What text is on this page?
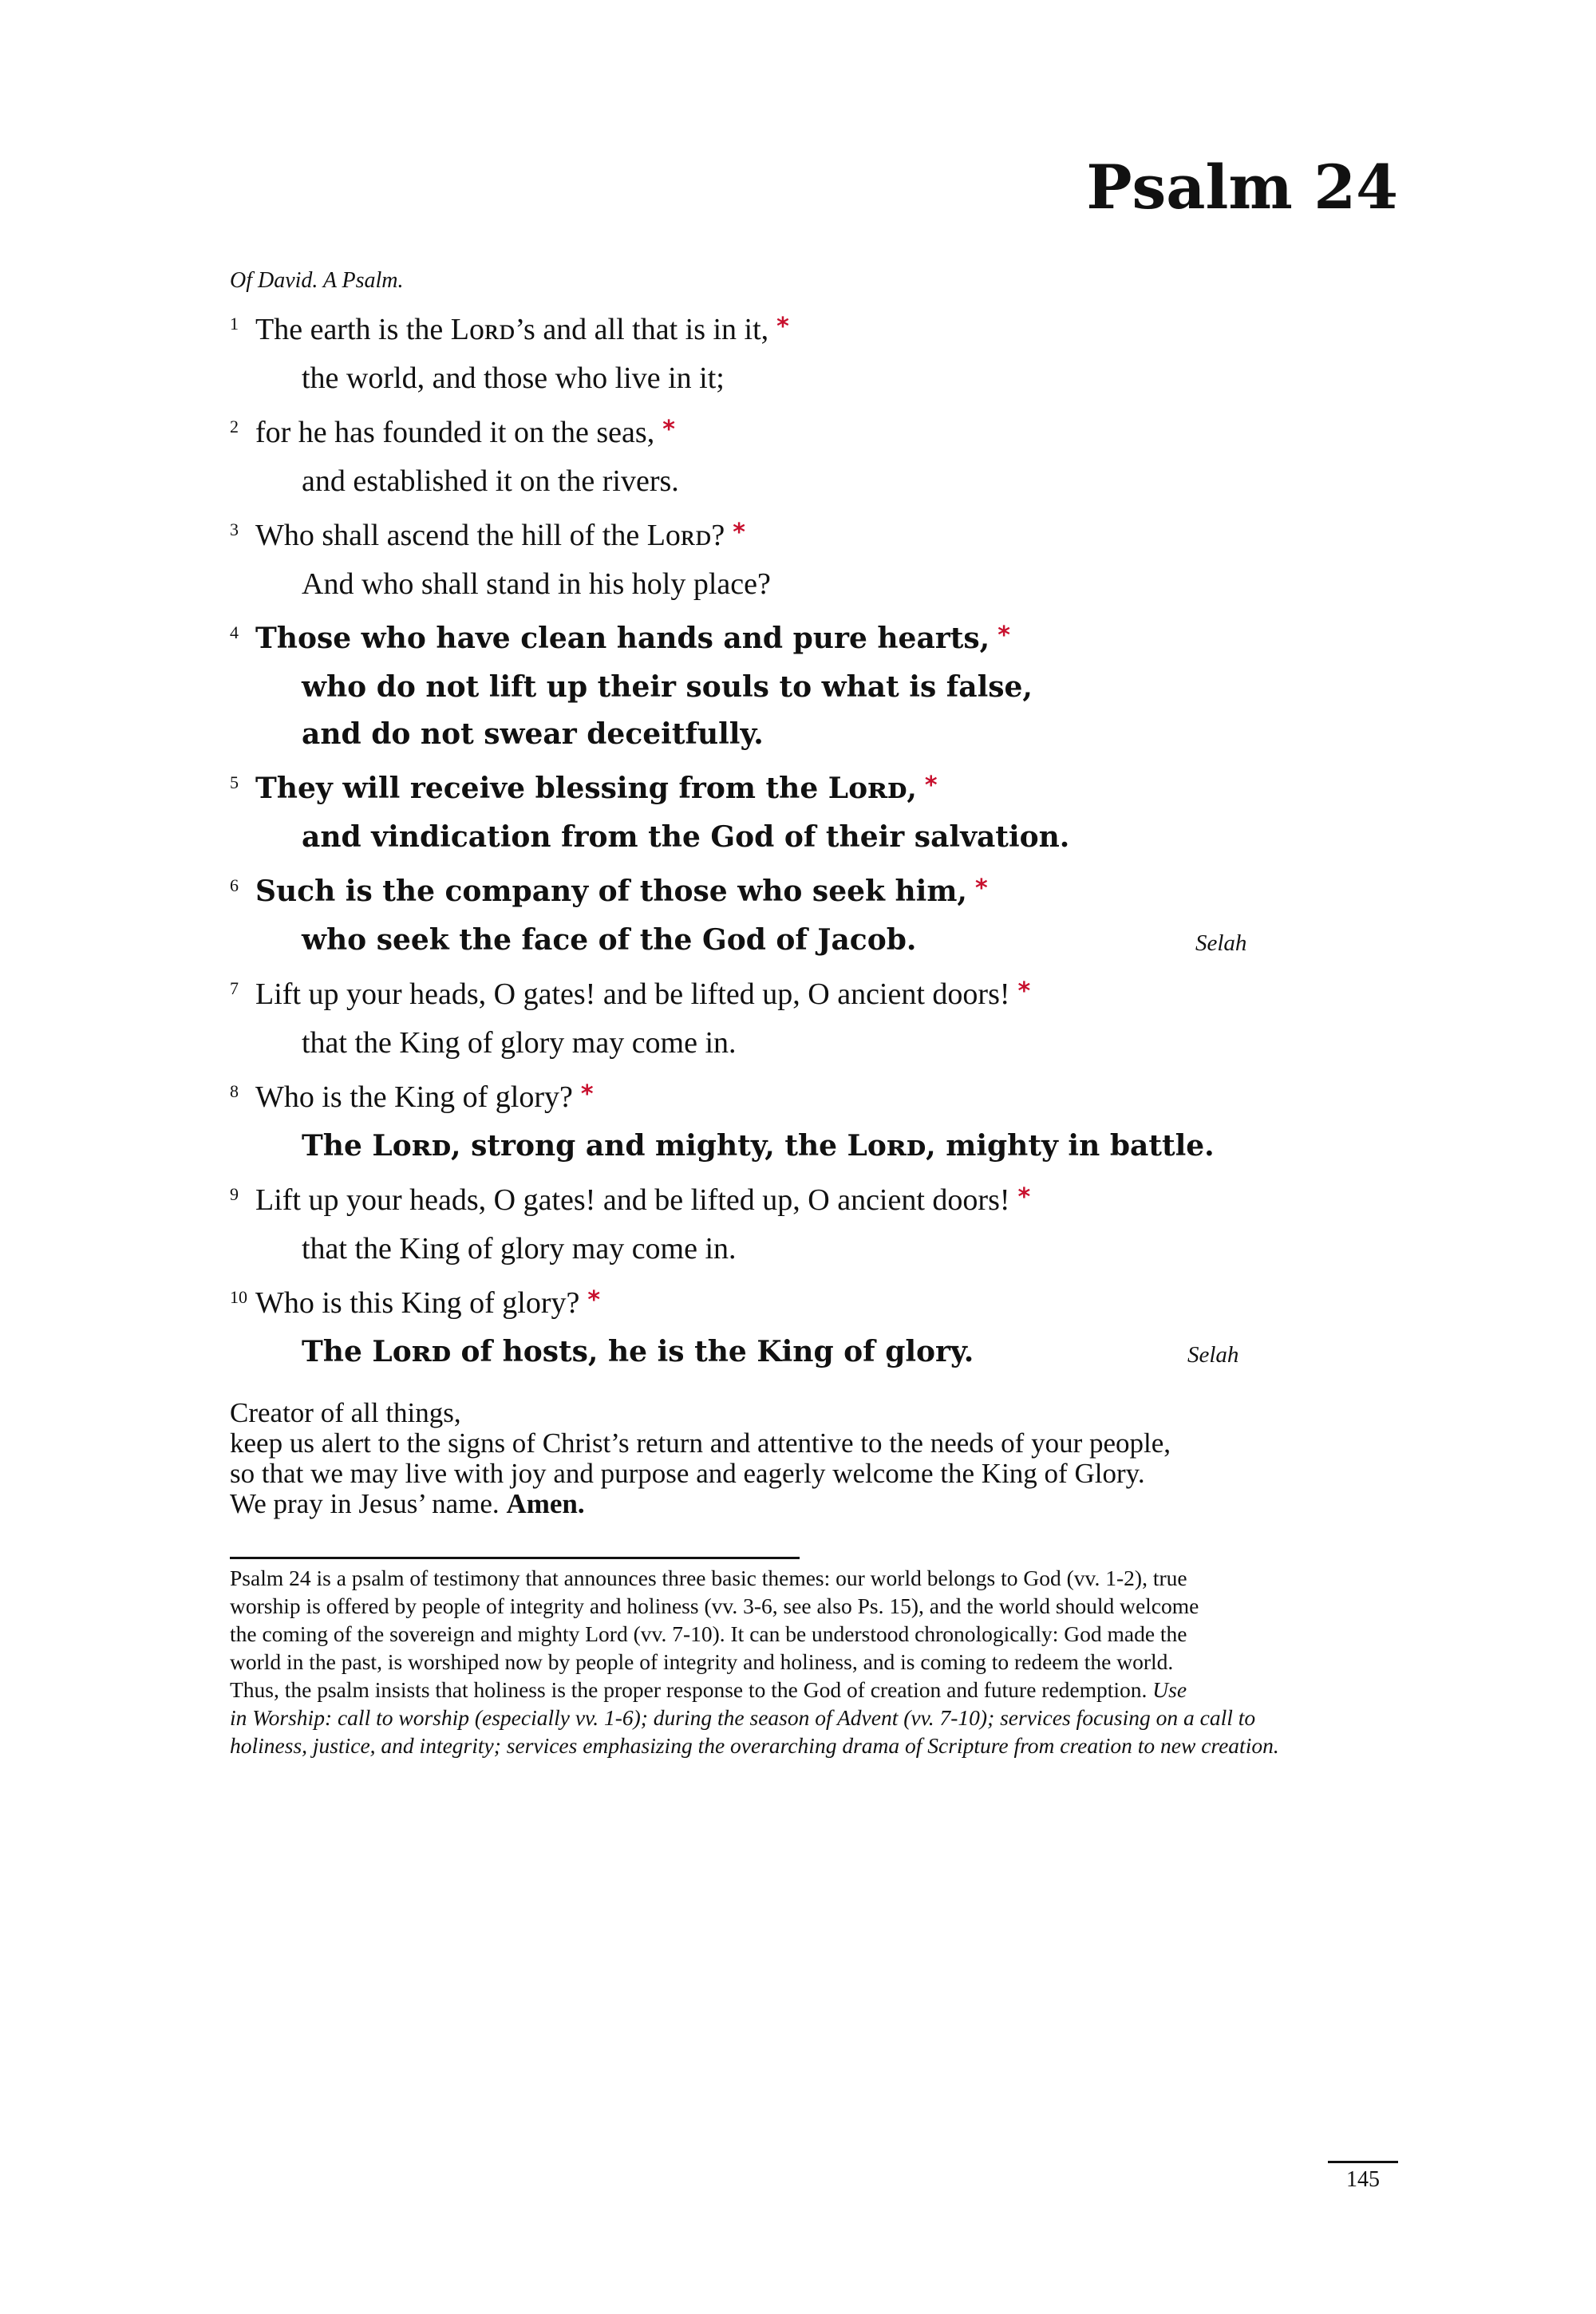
Psalm 24
Of David. A Psalm.
1 The earth is the Lᴏʀᴅ’s and all that is in it, *
the world, and those who live in it;
2 for he has founded it on the seas, *
and established it on the rivers.
3 Who shall ascend the hill of the Lᴏʀᴅ? *
And who shall stand in his holy place?
4 Those who have clean hands and pure hearts, *
who do not lift up their souls to what is false,
and do not swear deceitfully.
5 They will receive blessing from the Lᴏʀᴅ, *
and vindication from the God of their salvation.
6 Such is the company of those who seek him, *
who seek the face of the God of Jacob.	Selah
7 Lift up your heads, O gates! and be lifted up, O ancient doors! *
that the King of glory may come in.
8 Who is the King of glory? *
The Lᴏʀᴅ, strong and mighty, the Lᴏʀᴅ, mighty in battle.
9 Lift up your heads, O gates! and be lifted up, O ancient doors! *
that the King of glory may come in.
10 Who is this King of glory? *
The Lᴏʀᴅ of hosts, he is the King of glory.	Selah
Creator of all things,
keep us alert to the signs of Christ’s return and attentive to the needs of your people,
so that we may live with joy and purpose and eagerly welcome the King of Glory.
We pray in Jesus’ name. Amen.
Psalm 24 is a psalm of testimony that announces three basic themes: our world belongs to God (vv. 1-2), true
worship is offered by people of integrity and holiness (vv. 3-6, see also Ps. 15), and the world should welcome
the coming of the sovereign and mighty Lord (vv. 7-10). It can be understood chronologically: God made the
world in the past, is worshiped now by people of integrity and holiness, and is coming to redeem the world.
Thus, the psalm insists that holiness is the proper response to the God of creation and future redemption. Use
in Worship: call to worship (especially vv. 1-6); during the season of Advent (vv. 7-10); services focusing on a call to
holiness, justice, and integrity; services emphasizing the overarching drama of Scripture from creation to new creation.
145
